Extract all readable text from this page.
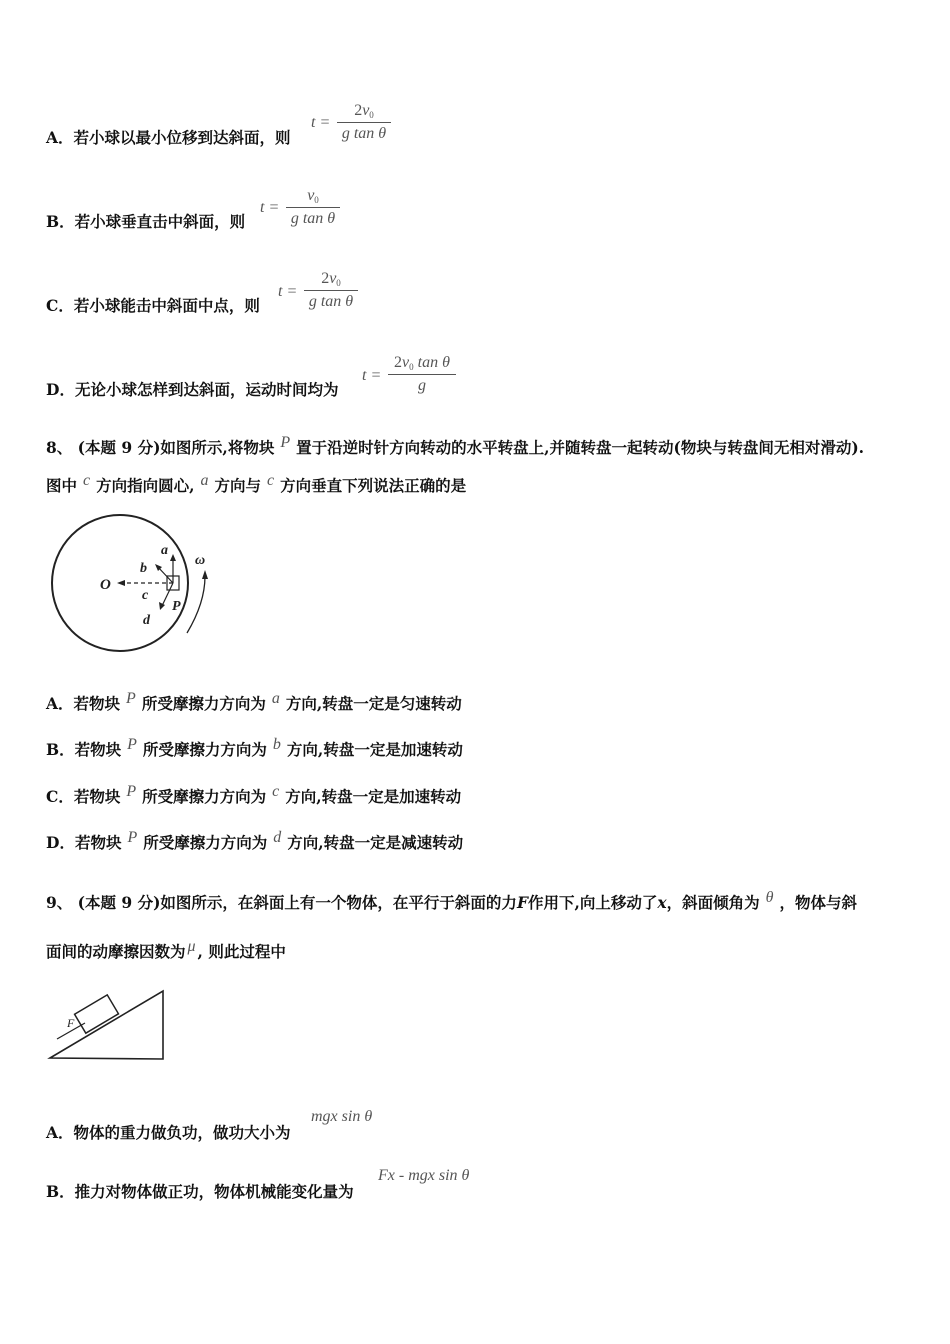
A．若小球以最小位移到达斜面，则
$t = \frac{2v_0}{\text{g tan θ}}$
B．若小球垂直击中斜面，则
$t = \frac{v_0}{\text{g tan θ}}$
C．若小球能击中斜面中点，则
$t = \frac{2v_0}{\text{g tan θ}}$
D．无论小球怎样到达斜面，运动时间均为
$t = \frac{2v_0 \tan \theta}{g}$
8、 (本题 9 分)如图所示,将物块 P 置于沿逆时针方向转动的水平转盘上,并随转盘一起转动(物块与转盘间无相对滑动).
图中 c 方向指向圆心, a 方向与 c 方向垂直下列说法正确的是
O
a
b
c
d
P
ω
A．若物块 P 所受摩擦力方向为 a 方向,转盘一定是匀速转动
B．若物块 P 所受摩擦力方向为 b 方向,转盘一定是加速转动
C．若物块 P 所受摩擦力方向为 c 方向,转盘一定是加速转动
D．若物块 P 所受摩擦力方向为 d 方向,转盘一定是减速转动
9、 (本题 9 分)如图所示，在斜面上有一个物体，在平行于斜面的力F作用下,向上移动了x，斜面倾角为 θ ，物体与斜
面间的动摩擦因数为 μ , 则此过程中
F
A．物体的重力做负功，做功大小为
mgx sin θ
B．推力对物体做正功，物体机械能变化量为
Fx - mgx sin θ
